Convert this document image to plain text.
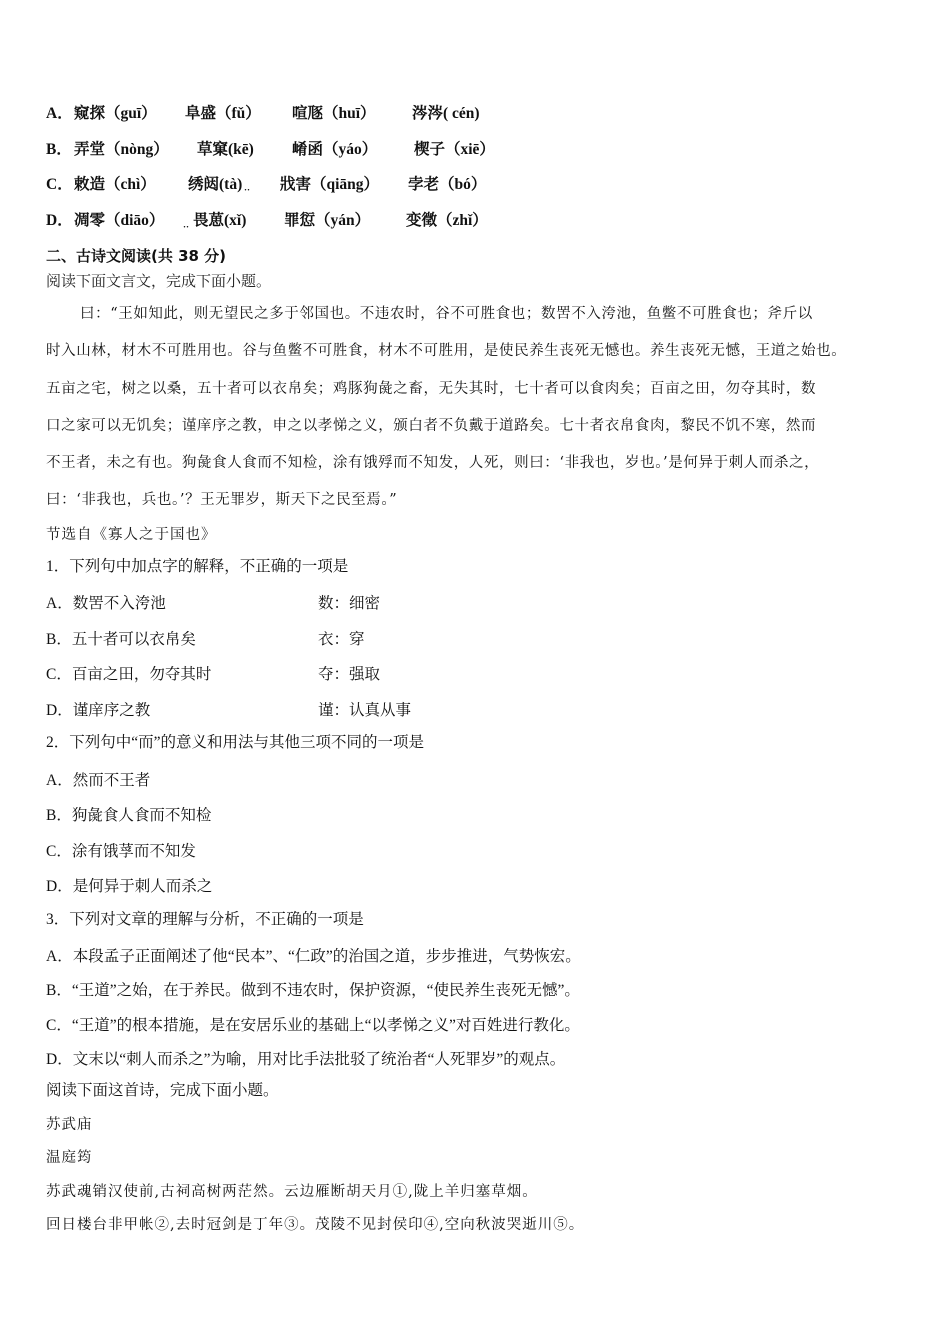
A． 窥探（guī） 阜盛（fǔ） 喧豗（huī） 涔涔( cén)
B． 弄堂（nòng） 草窠(kē) 崤函（yáo） 楔子（xiē）
C． 敕造（chì） 绣闼(tà) ·· 戕害（qiāng） 孛老（bó）
D． 凋零（diāo） ·· 畏葸(xǐ) 罪愆（yán） 变徵（zhǐ）
二、古诗文阅读(共 38 分)
阅读下面文言文，完成下面小题。
曰：“王如知此，则无望民之多于邻国也。不违农时，谷不可胜食也；数罟不入洿池，鱼鳖不可胜食也；斧斤以
时入山林，材木不可胜用也。谷与鱼鳖不可胜食，材木不可胜用，是使民养生丧死无憾也。养生丧死无憾，王道之始也。
五亩之宅，树之以桑，五十者可以衣帛矣；鸡豚狗彘之畜，无失其时，七十者可以食肉矣；百亩之田，勿夺其时，数
口之家可以无饥矣；谨庠序之教，申之以孝悌之义，颁白者不负戴于道路矣。七十者衣帛食肉，黎民不饥不寒，然而
不王者，未之有也。狗彘食人食而不知检，涂有饿殍而不知发，人死，则曰：‘非我也，岁也。’是何异于刺人而杀之，
曰：‘非我也，兵也。’？王无罪岁，斯天下之民至焉。”
节选自《寡人之于国也》
1．下列句中加点字的解释，不正确的一项是
A．数罟不入洿池	数：细密
B．五十者可以衣帛矣	衣：穿
C．百亩之田，勿夺其时	夺：强取
D．谨庠序之教	谨：认真从事
2．下列句中“而”的意义和用法与其他三项不同的一项是
A．然而不王者
B．狗彘食人食而不知检
C．涂有饿莩而不知发
D．是何异于刺人而杀之
3．下列对文章的理解与分析，不正确的一项是
A．本段孟子正面阐述了他“民本”、“仁政”的治国之道，步步推进，气势恢宏。
B．“王道”之始，在于养民。做到不违农时，保护资源，“使民养生丧死无憾”。
C．“王道”的根本措施，是在安居乐业的基础上“以孝悌之义”对百姓进行教化。
D．文末以“刺人而杀之”为喻，用对比手法批驳了统治者“人死罪岁”的观点。
阅读下面这首诗，完成下面小题。
苏武庙
温庭筠
苏武魂销汉使前,古祠高树两茫然。云边雁断胡天月①,陇上羊归塞草烟。
回日楼台非甲帐②,去时冠剑是丁年③。茂陵不见封侯印④,空向秋波哭逝川⑤。
